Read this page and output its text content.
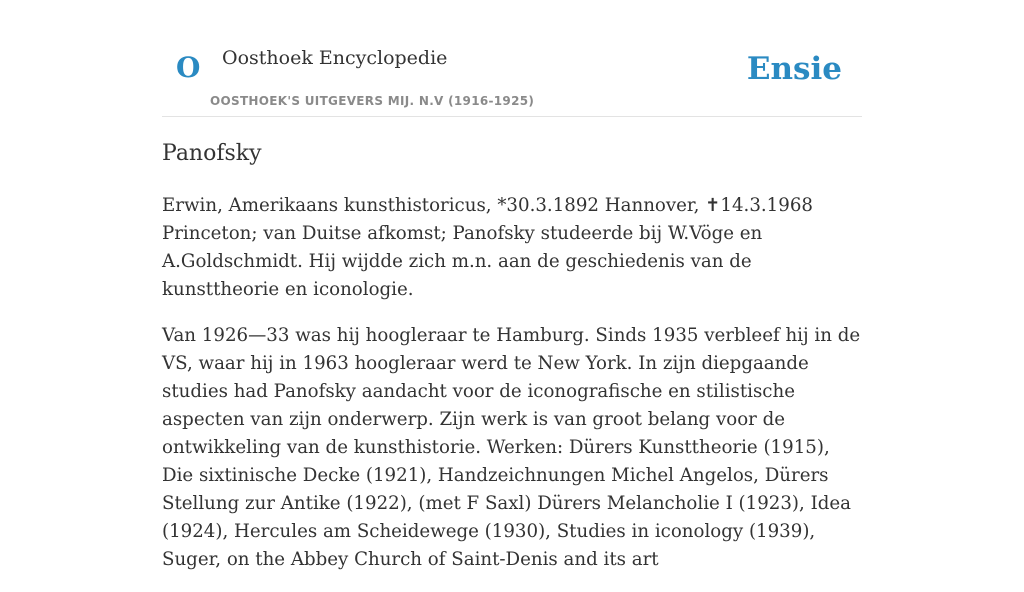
O Oosthoek Encyclopedie
OOSTHOEK'S UITGEVERS MIJ. N.V (1916-1925)
Ensie
Panofsky

Erwin, Amerikaans kunsthistoricus, *30.3.1892 Hannover, ✝14.3.1968 Princeton; van Duitse afkomst; Panofsky studeerde bij W.Vöge en A.Goldschmidt. Hij wijdde zich m.n. aan de geschiedenis van de kunsttheorie en iconologie.

Van 1926—33 was hij hoogleraar te Hamburg. Sinds 1935 verbleef hij in de VS, waar hij in 1963 hoogleraar werd te New York. In zijn diepgaande studies had Panofsky aandacht voor de iconografische en stilistische aspecten van zijn onderwerp. Zijn werk is van groot belang voor de ontwikkeling van de kunsthistorie. Werken: Dürers Kunsttheorie (1915), Die sixtinische Decke (1921), Handzeichnungen Michel Angelos, Dürers Stellung zur Antike (1922), (met F Saxl) Dürers Melancholie I (1923), Idea (1924), Hercules am Scheidewege (1930), Studies in iconology (1939), Suger, on the Abbey Church of Saint-Denis and its art
